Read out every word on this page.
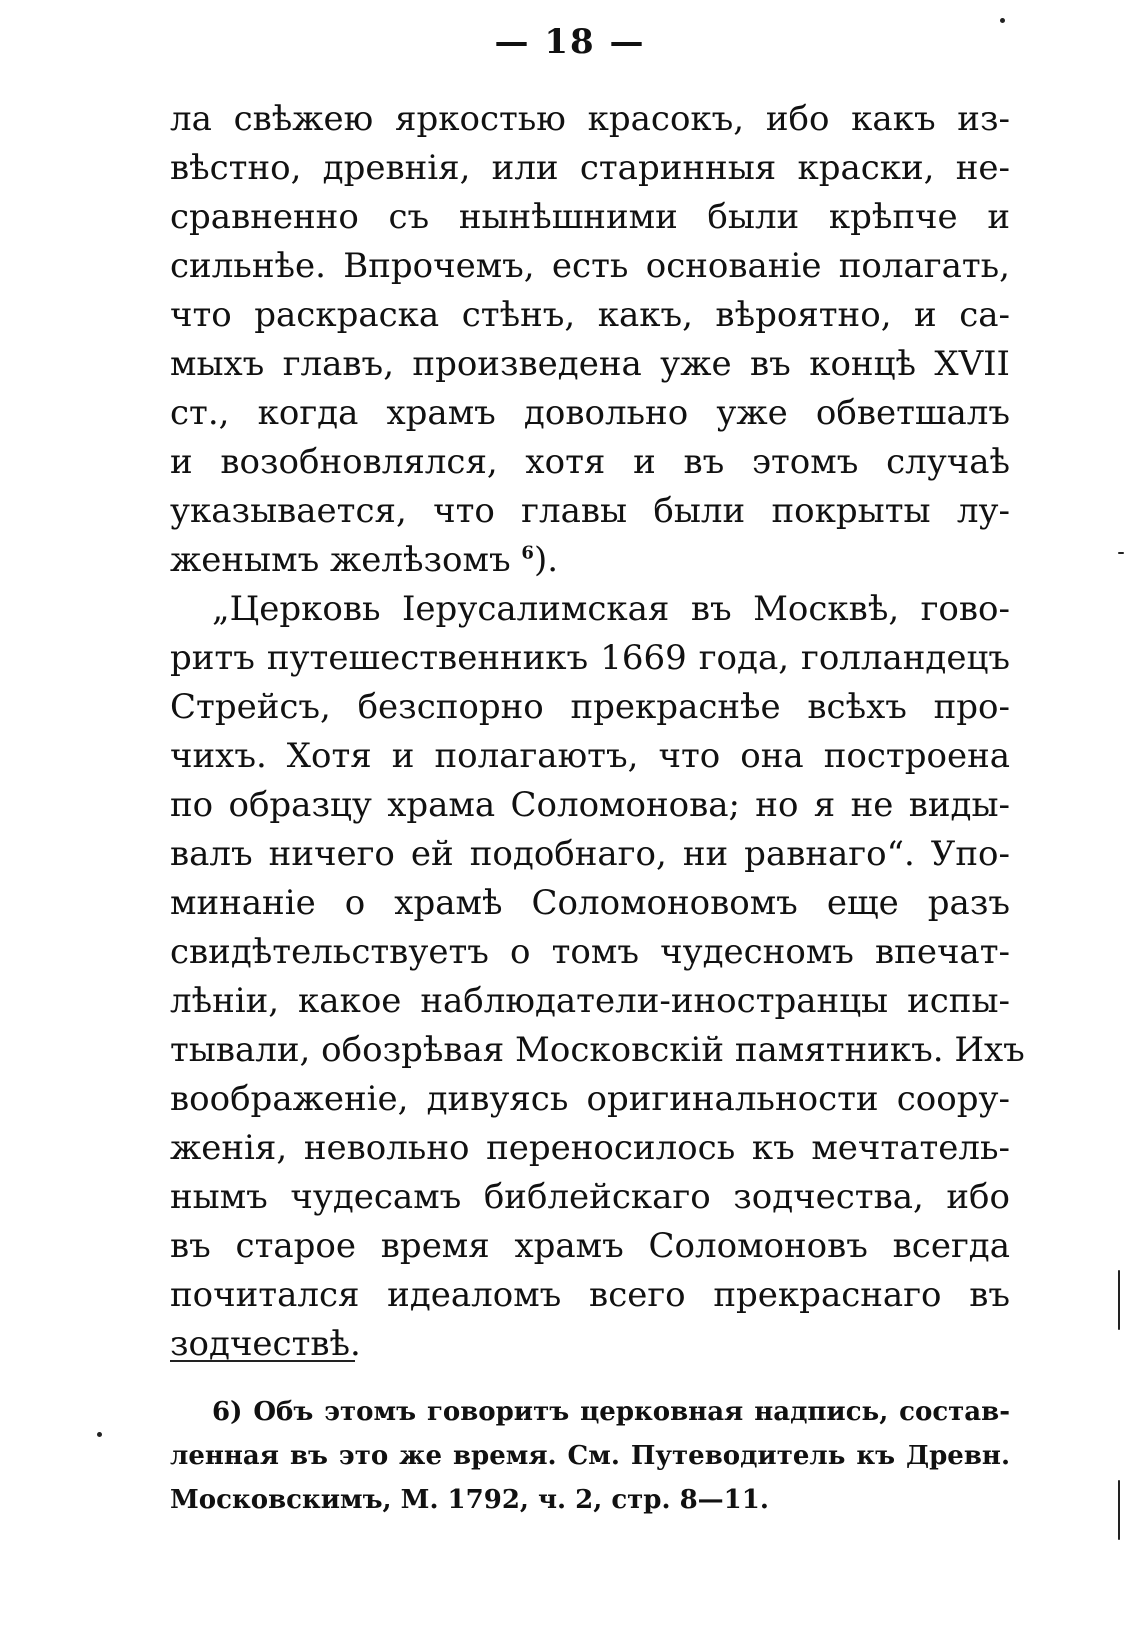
— 18 —
ла свѣжею яркостью красокъ, ибо какъ из-
вѣстно, древнія, или старинныя краски, не-
сравненно съ нынѣшними были крѣпче и
сильнѣе. Впрочемъ, есть основаніе полагать,
что раскраска стѣнъ, какъ, вѣроятно, и са-
мыхъ главъ, произведена уже въ концѣ XVII
ст., когда храмъ довольно уже обветшалъ
и возобновлялся, хотя и въ этомъ случаѣ
указывается, что главы были покрыты лу-
женымъ желѣзомъ $^6$).
„Церковь Іерусалимская въ Москвѣ, гово-
ритъ путешественникъ 1669 года, голландецъ
Стрейсъ, безспорно прекраснѣе всѣхъ про-
чихъ. Хотя и полагаютъ, что она построена
по образцу храма Соломонова; но я не виды-
валъ ничего ей подобнаго, ни равнаго“. Упо-
минаніе о храмѣ Соломоновомъ еще разъ
свидѣтельствуетъ о томъ чудесномъ впечат-
лѣніи, какое наблюдатели-иностранцы испы-
тывали, обозрѣвая Московскій памятникъ. Ихъ
воображеніе, дивуясь оригинальности соору-
женія, невольно переносилось къ мечтатель-
нымъ чудесамъ библейскаго зодчества, ибо
въ старое время храмъ Соломоновъ всегда
почитался идеаломъ всего прекраснаго въ
зодчествѣ.
6) Объ этомъ говоритъ церковная надпись, состав-
ленная въ это же время. См. Путеводитель къ Древн.
Московскимъ, М. 1792, ч. 2, стр. 8—11.
